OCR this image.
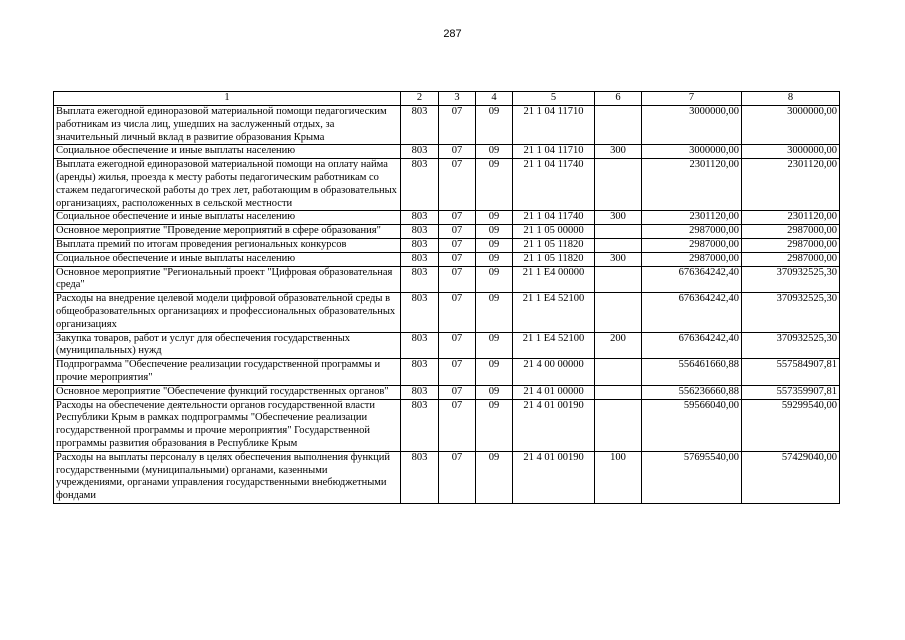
287
1	2	3	4	5	6	7	8
Выплата ежегодной единоразовой материальной помощи педагогическим работникам из числа лиц, ушедших на заслуженный отдых, за значительный личный вклад в развитие образования Крыма	803	07	09	21 1 04 11710		3000000,00	3000000,00
Социальное обеспечение и иные выплаты населению	803	07	09	21 1 04 11710	300	3000000,00	3000000,00
Выплата ежегодной единоразовой материальной помощи на оплату найма (аренды) жилья, проезда к месту работы педагогическим работникам со стажем педагогической работы до трех лет, работающим в образовательных организациях, расположенных в сельской местности	803	07	09	21 1 04 11740		2301120,00	2301120,00
Социальное обеспечение и иные выплаты населению	803	07	09	21 1 04 11740	300	2301120,00	2301120,00
Основное мероприятие "Проведение мероприятий в сфере образования"	803	07	09	21 1 05 00000		2987000,00	2987000,00
Выплата премий по итогам проведения региональных конкурсов	803	07	09	21 1 05 11820		2987000,00	2987000,00
Социальное обеспечение и иные выплаты населению	803	07	09	21 1 05 11820	300	2987000,00	2987000,00
Основное мероприятие "Региональный проект "Цифровая образовательная среда"	803	07	09	21 1 E4 00000		676364242,40	370932525,30
Расходы на внедрение целевой модели цифровой образовательной среды в общеобразовательных организациях и профессиональных образовательных организациях	803	07	09	21 1 E4 52100		676364242,40	370932525,30
Закупка товаров, работ и услуг для обеспечения государственных (муниципальных) нужд	803	07	09	21 1 E4 52100	200	676364242,40	370932525,30
Подпрограмма "Обеспечение реализации государственной программы и прочие мероприятия"	803	07	09	21 4 00 00000		556461660,88	557584907,81
Основное мероприятие "Обеспечение функций государственных органов"	803	07	09	21 4 01 00000		556236660,88	557359907,81
Расходы на обеспечение деятельности органов государственной власти Республики Крым в рамках подпрограммы "Обеспечение реализации государственной программы и прочие мероприятия" Государственной программы развития образования в Республике Крым	803	07	09	21 4 01 00190		59566040,00	59299540,00
Расходы на выплаты персоналу в целях обеспечения выполнения функций государственными (муниципальными) органами, казенными учреждениями, органами управления государственными внебюджетными фондами	803	07	09	21 4 01 00190	100	57695540,00	57429040,00
